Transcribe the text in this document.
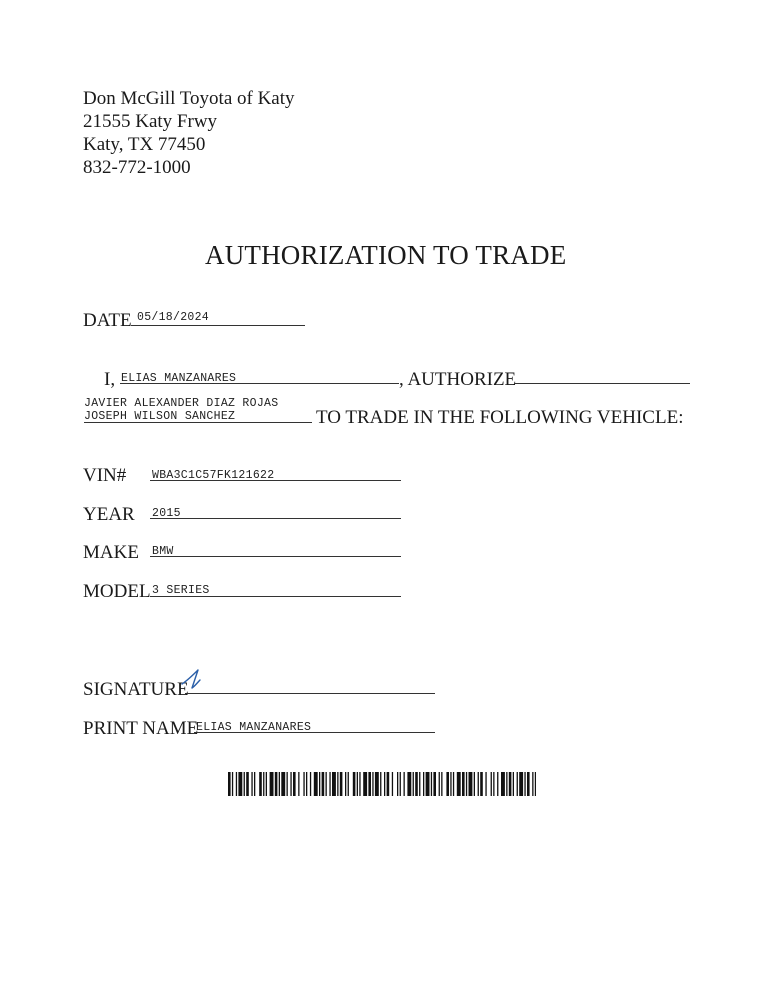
Don McGill Toyota of Katy
21555 Katy Frwy
Katy, TX 77450
832-772-1000
AUTHORIZATION TO TRADE
DATE 05/18/2024
I, ELIAS MANZANARES	, AUTHORIZE
JAVIER ALEXANDER DIAZ ROJAS
JOSEPH WILSON SANCHEZ	TO TRADE IN THE FOLLOWING VEHICLE:
VIN# WBA3C1C57FK121622
YEAR 2015
MAKE BMW
MODEL 3 SERIES
SIGNATURE
PRINT NAME
ELIAS MANZANARES
